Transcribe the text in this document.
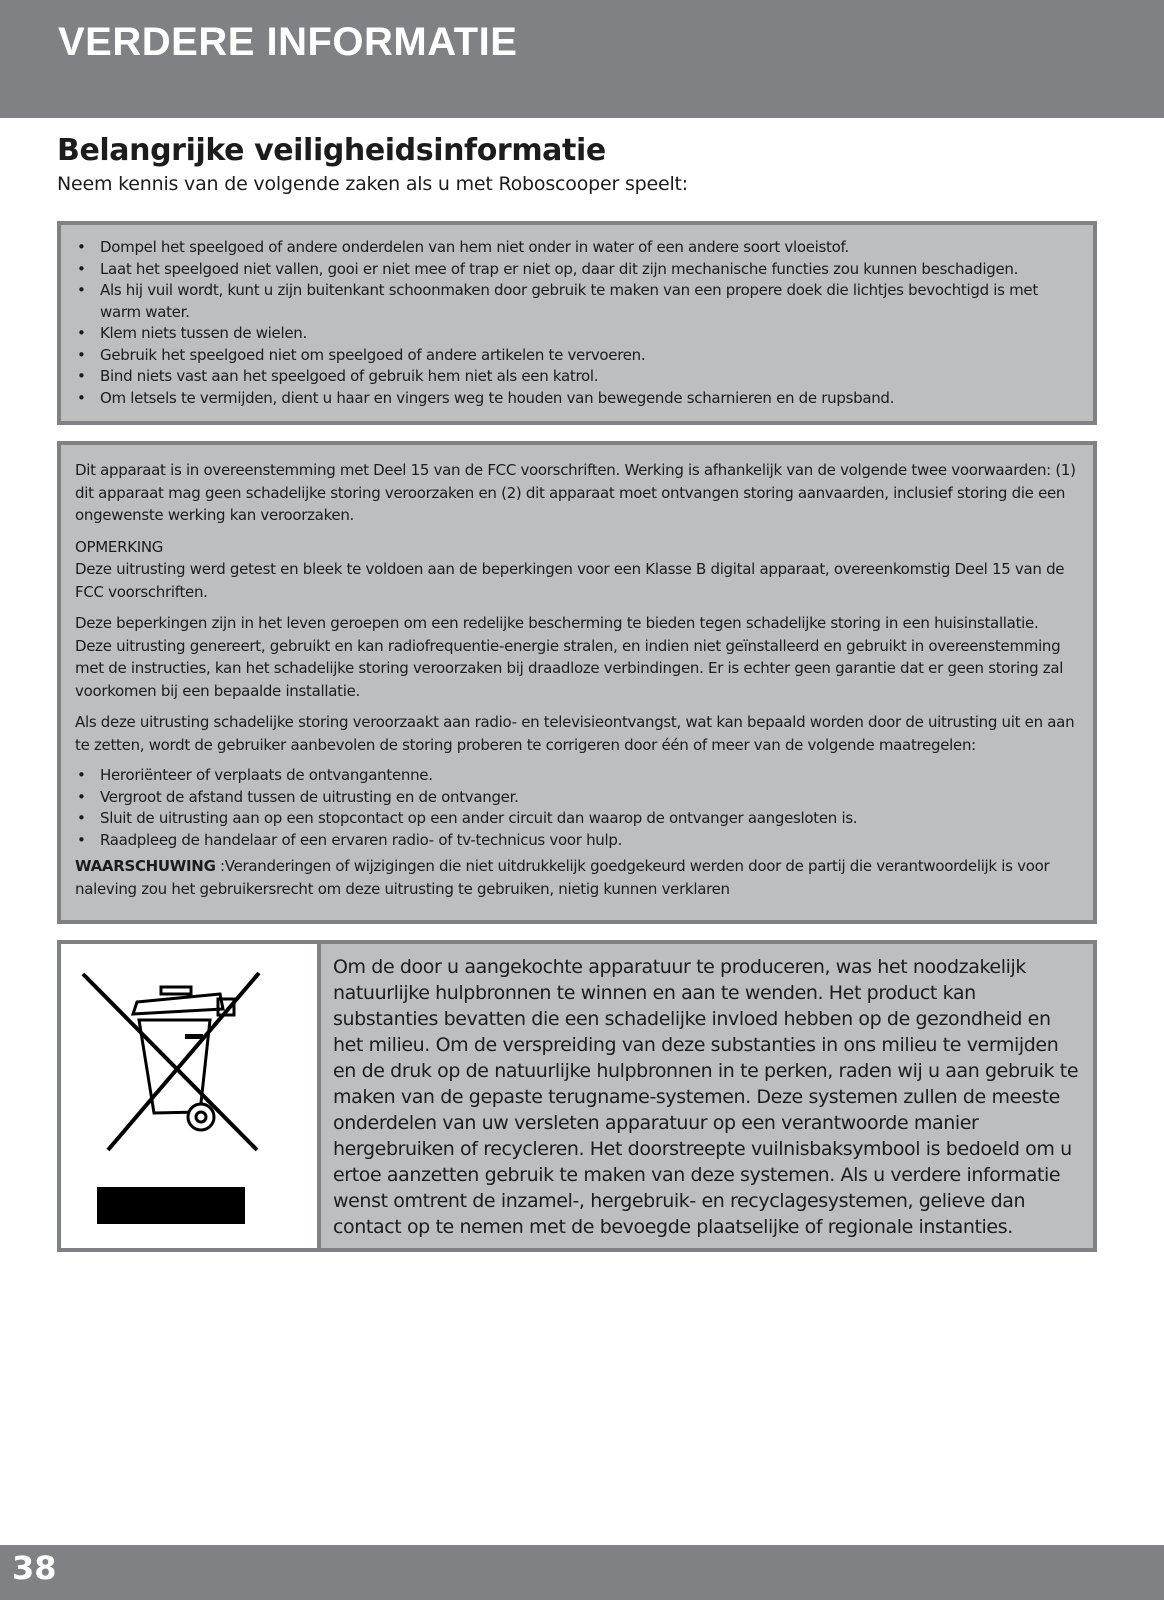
VERDERE INFORMATIE
Belangrijke veiligheidsinformatie

Neem kennis van de volgende zaken als u met Roboscooper speelt:

• Dompel het speelgoed of andere onderdelen van hem niet onder in water of een andere soort vloeistof.
• Laat het speelgoed niet vallen, gooi er niet mee of trap er niet op, daar dit zijn mechanische functies zou kunnen beschadigen.
• Als hij vuil wordt, kunt u zijn buitenkant schoonmaken door gebruik te maken van een propere doek die lichtjes bevochtigd is met warm water.
• Klem niets tussen de wielen.
• Gebruik het speelgoed niet om speelgoed of andere artikelen te vervoeren.
• Bind niets vast aan het speelgoed of gebruik hem niet als een katrol.
• Om letsels te vermijden, dient u haar en vingers weg te houden van bewegende scharnieren en de rupsband.

Dit apparaat is in overeenstemming met Deel 15 van de FCC voorschriften. Werking is afhankelijk van de volgende twee voorwaarden: (1) dit apparaat mag geen schadelijke storing veroorzaken en (2) dit apparaat moet ontvangen storing aanvaarden, inclusief storing die een ongewenste werking kan veroorzaken.

OPMERKING
Deze uitrusting werd getest en bleek te voldoen aan de beperkingen voor een Klasse B digital apparaat, overeenkomstig Deel 15 van de FCC voorschriften.

Deze beperkingen zijn in het leven geroepen om een redelijke bescherming te bieden tegen schadelijke storing in een huisinstallatie. Deze uitrusting genereert, gebruikt en kan radiofrequentie-energie stralen, en indien niet geïnstalleerd en gebruikt in overeenstemming met de instructies, kan het schadelijke storing veroorzaken bij draadloze verbindingen. Er is echter geen garantie dat er geen storing zal voorkomen bij een bepaalde installatie.

Als deze uitrusting schadelijke storing veroorzaakt aan radio- en televisieontvangst, wat kan bepaald worden door de uitrusting uit en aan te zetten, wordt de gebruiker aanbevolen de storing proberen te corrigeren door één of meer van de volgende maatregelen:

• Heroriënteer of verplaats de ontvangantenne.
• Vergroot de afstand tussen de uitrusting en de ontvanger.
• Sluit de uitrusting aan op een stopcontact op een ander circuit dan waarop de ontvanger aangesloten is.
• Raadpleeg de handelaar of een ervaren radio- of tv-technicus voor hulp.

WAARSCHUWING :Veranderingen of wijzigingen die niet uitdrukkelijk goedgekeurd werden door de partij die verantwoordelijk is voor naleving zou het gebruikersrecht om deze uitrusting te gebruiken, nietig kunnen verklaren

Om de door u aangekochte apparatuur te produceren, was het noodzakelijk natuurlijke hulpbronnen te winnen en aan te wenden. Het product kan substanties bevatten die een schadelijke invloed hebben op de gezondheid en het milieu. Om de verspreiding van deze substanties in ons milieu te vermijden en de druk op de natuurlijke hulpbronnen in te perken, raden wij u aan gebruik te maken van de gepaste terugname-systemen. Deze systemen zullen de meeste onderdelen van uw versleten apparatuur op een verantwoorde manier hergebruiken of recycleren. Het doorstreepte vuilnisbaksymbool is bedoeld om u ertoe aanzetten gebruik te maken van deze systemen. Als u verdere informatie wenst omtrent de inzamel-, hergebruik- en recyclagesystemen, gelieve dan contact op te nemen met de bevoegde plaatselijke of regionale instanties.

38
